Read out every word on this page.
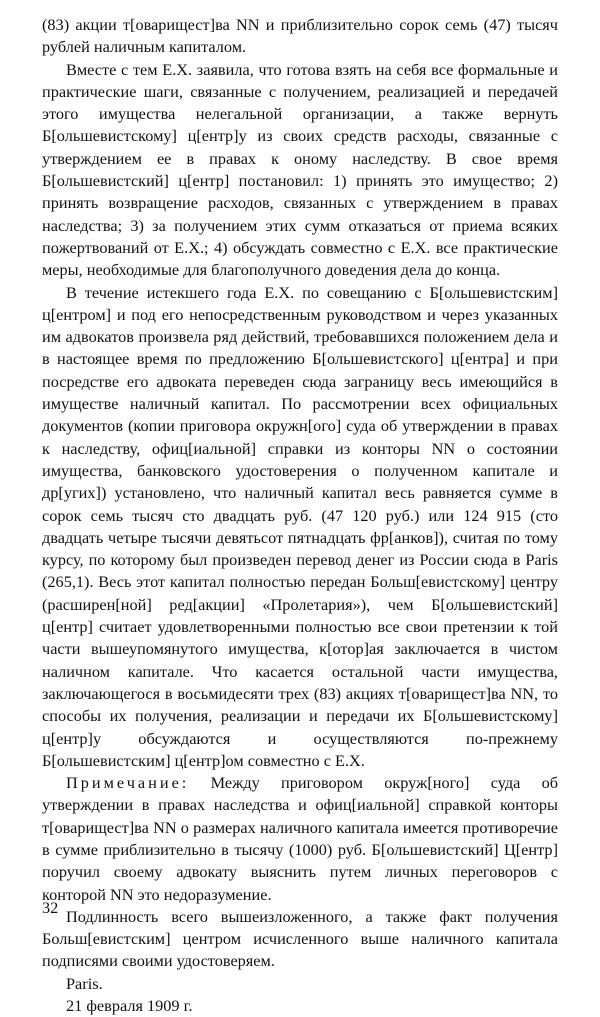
(83) акции т[оварищест]ва NN и приблизительно сорок семь (47) тысяч рублей наличным капиталом.

Вместе с тем Е.Х. заявила, что готова взять на себя все формальные и практические шаги, связанные с получением, реализацией и передачей этого имущества нелегальной организации, а также вернуть Б[ольшевистскому] ц[ентр]у из своих средств расходы, связанные с утверждением ее в правах к оному наследству. В свое время Б[ольшевистский] ц[ентр] постановил: 1) принять это имущество; 2) принять возвращение расходов, связанных с утверждением в правах наследства; 3) за получением этих сумм отказаться от приема всяких пожертвований от Е.Х.; 4) обсуждать совместно с Е.Х. все практические меры, необходимые для благополучного доведения дела до конца.

В течение истекшего года Е.Х. по совещанию с Б[ольшевистским] ц[ентром] и под его непосредственным руководством и через указанных им адвокатов произвела ряд действий, требовавшихся положением дела и в настоящее время по предложению Б[ольшевистского] ц[ентра] и при посредстве его адвоката переведен сюда заграницу весь имеющийся в имуществе наличный капитал. По рассмотрении всех официальных документов (копии приговора окружн[ого] суда об утверждении в правах к наследству, офиц[иальной] справки из конторы NN о состоянии имущества, банковского удостоверения о полученном капитале и др[угих]) установлено, что наличный капитал весь равняется сумме в сорок семь тысяч сто двадцать руб. (47 120 руб.) или 124 915 (сто двадцать четыре тысячи девятьсот пятнадцать фр[анков]), считая по тому курсу, по которому был произведен перевод денег из России сюда в Paris (265,1). Весь этот капитал полностью передан Больш[евистскому] центру (расширен[ной] ред[акции] «Пролетария»), чем Б[ольшевистский] ц[ентр] считает удовлетворенными полностью все свои претензии к той части вышеупомянутого имущества, к[отор]ая заключается в чистом наличном капитале. Что касается остальной части имущества, заключающегося в восьмидесяти трех (83) акциях т[оварищест]ва NN, то способы их получения, реализации и передачи их Б[ольшевистскому] ц[ентр]у обсуждаются и осуществляются по-прежнему Б[ольшевистским] ц[ентр]ом совместно с Е.Х.

Примечание: Между приговором окруж[ного] суда об утверждении в правах наследства и офиц[иальной] справкой конторы т[оварищест]ва NN о размерах наличного капитала имеется противоречие в сумме приблизительно в тысячу (1000) руб. Б[ольшевистский] Ц[ентр] поручил своему адвокату выяснить путем личных переговоров с конторой NN это недоразумение.

Подлинность всего вышеизложенного, а также факт получения Больш[евистским] центром исчисленного выше наличного капитала подписями своими удостоверяем.

Paris.

21 февраля 1909 г.

32
